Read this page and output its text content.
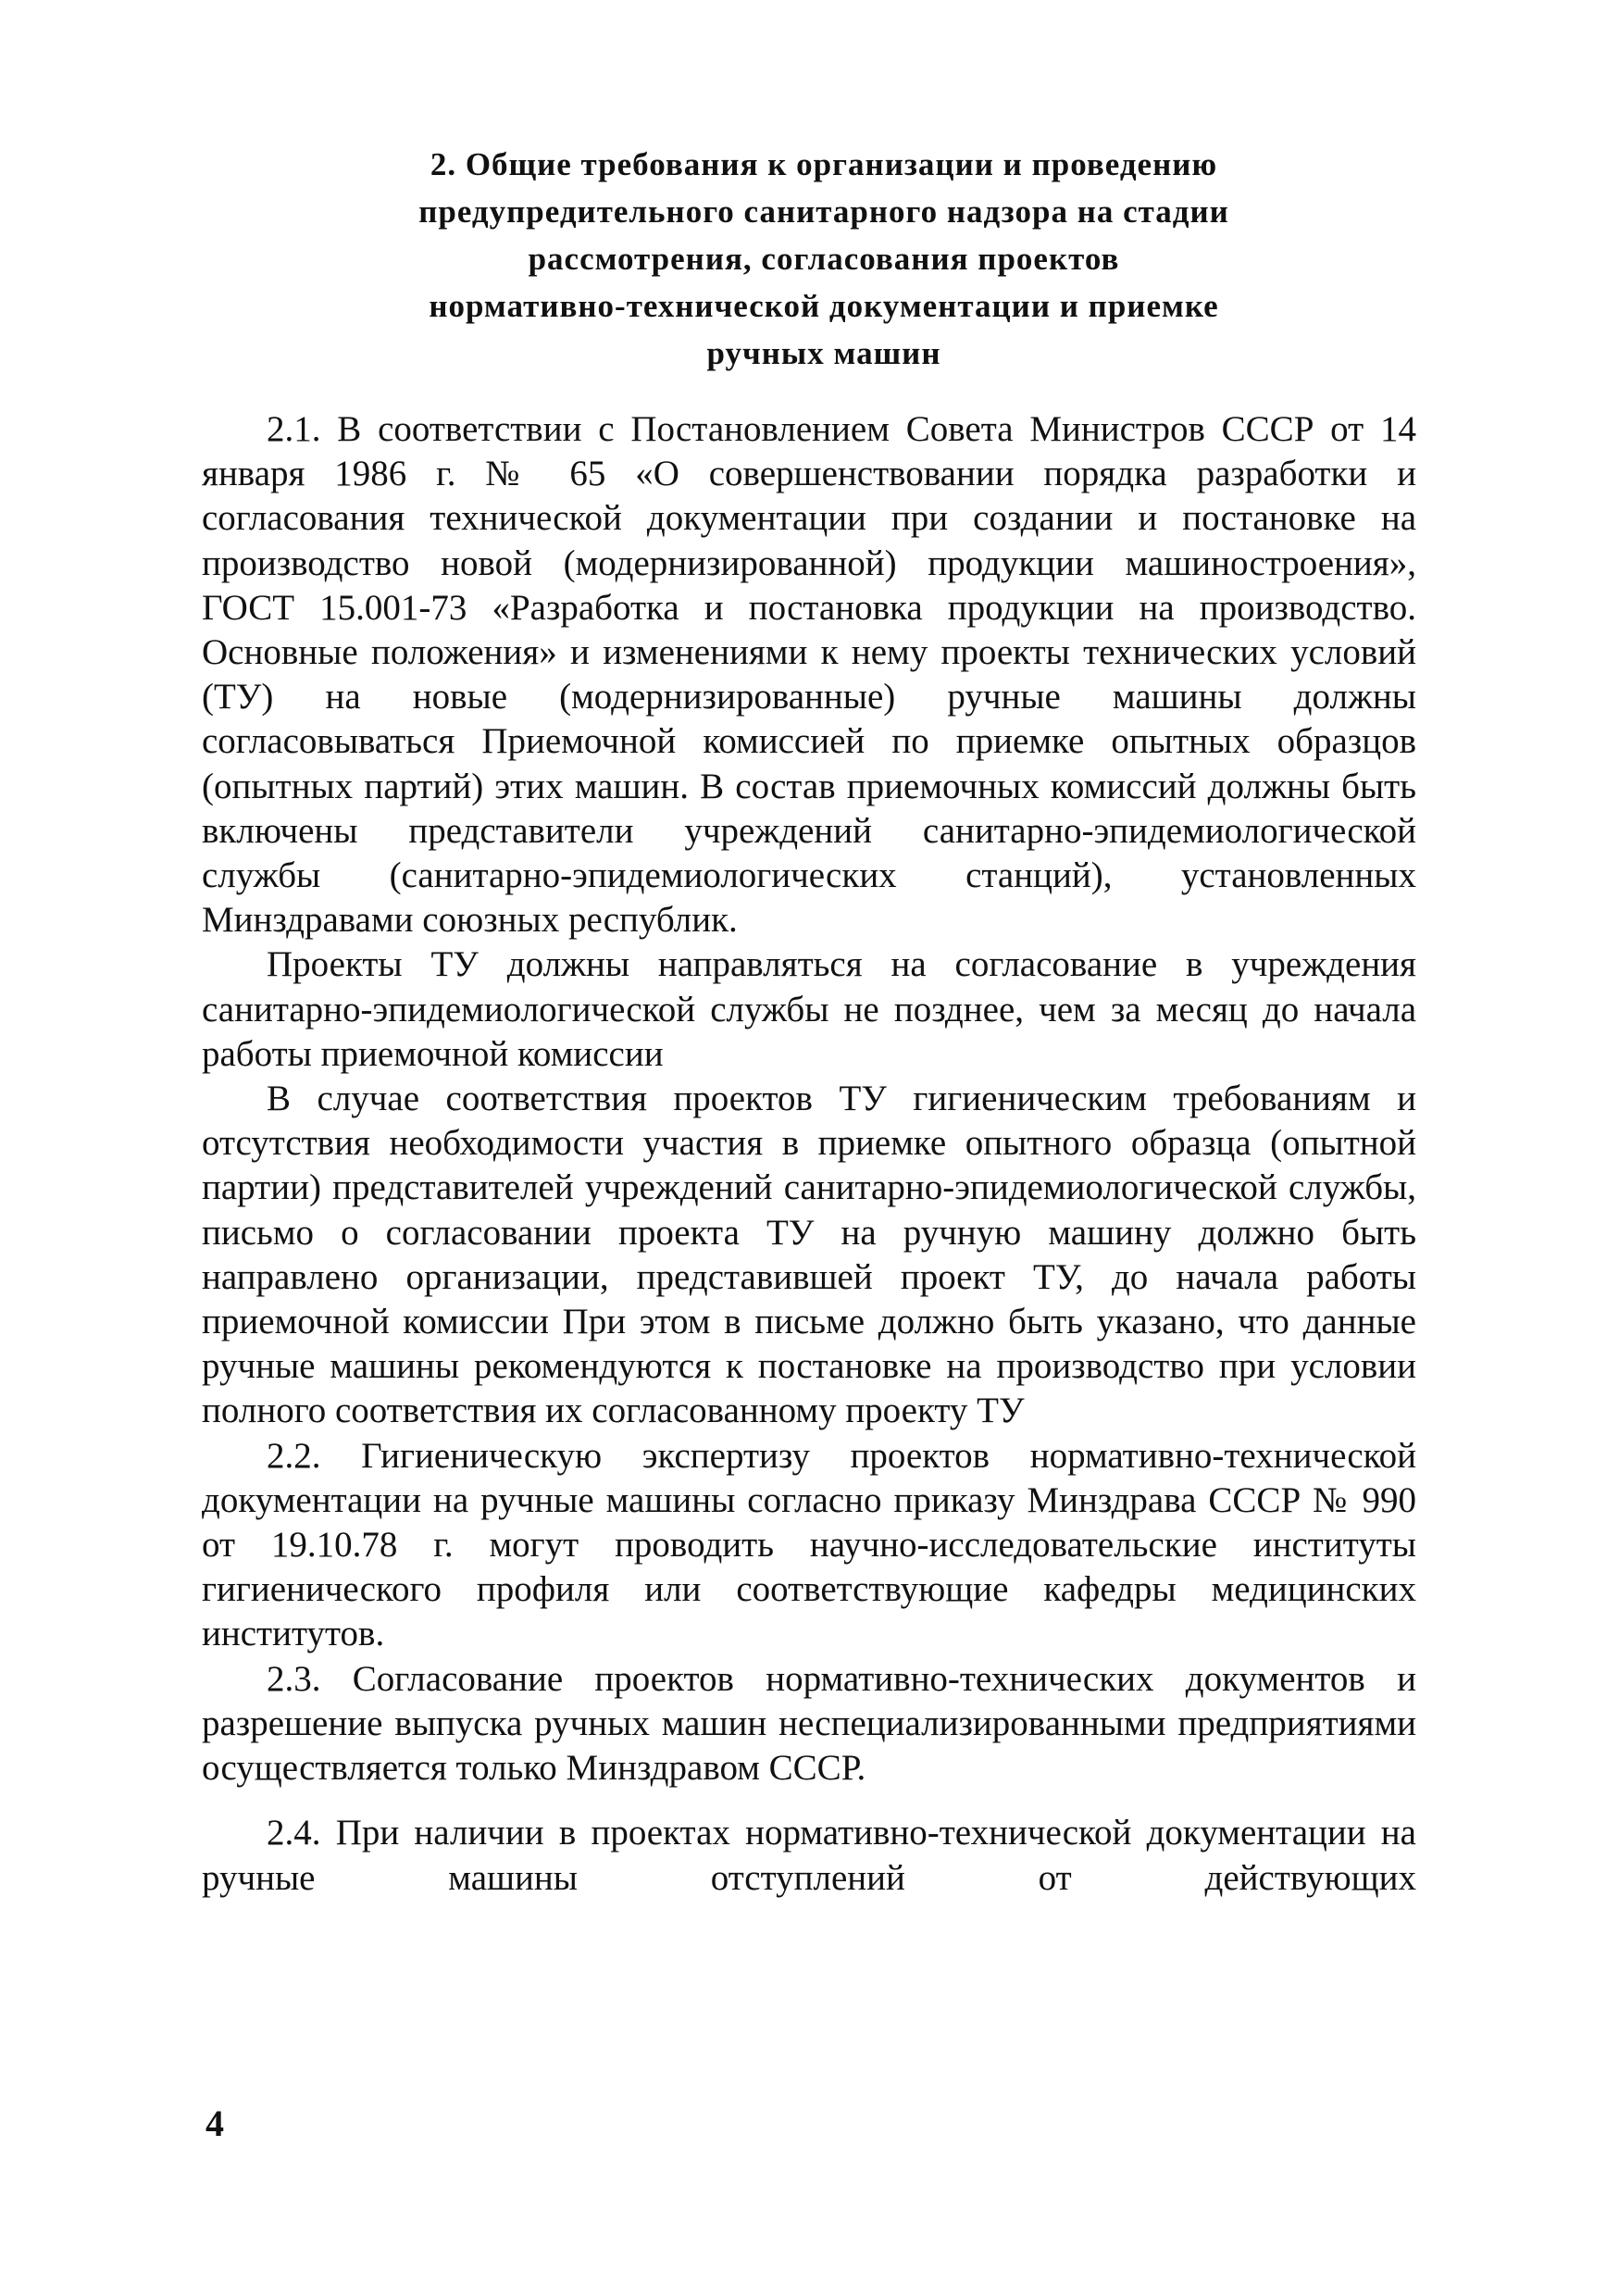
2. Общие требования к организации и проведению
предупредительного санитарного надзора на стадии
рассмотрения, согласования проектов
нормативно-технической документации и приемке
ручных машин

2.1. В соответствии с Постановлением Совета Министров СССР от 14 января 1986 г. № 65 «О совершенствовании порядка разработки и согласования технической документации при создании и постановке на производство новой (модернизированной) продукции машиностроения», ГОСТ 15.001-73 «Разработка и постановка продукции на производство. Основные положения» и изменениями к нему проекты технических условий (ТУ) на новые (модернизированные) ручные машины должны согласовываться Приемочной комиссией по приемке опытных образцов (опытных партий) этих машин. В состав приемочных комиссий должны быть включены представители учреждений санитарно-эпидемиологической службы (санитарно-эпидемиологических станций), установленных Минздравами союзных республик.

Проекты ТУ должны направляться на согласование в учреждения санитарно-эпидемиологической службы не позднее, чем за месяц до начала работы приемочной комиссии

В случае соответствия проектов ТУ гигиеническим требованиям и отсутствия необходимости участия в приемке опытного образца (опытной партии) представителей учреждений санитарно-эпидемиологической службы, письмо о согласовании проекта ТУ на ручную машину должно быть направлено организации, представившей проект ТУ, до начала работы приемочной комиссии При этом в письме должно быть указано, что данные ручные машины рекомендуются к постановке на производство при условии полного соответствия их согласованному проекту ТУ

2.2. Гигиеническую экспертизу проектов нормативно-технической документации на ручные машины согласно приказу Минздрава СССР № 990 от 19.10.78 г. могут проводить научно-исследовательские институты гигиенического профиля или соответствующие кафедры медицинских институтов.

2.3. Согласование проектов нормативно-технических документов и разрешение выпуска ручных машин неспециализированными предприятиями осуществляется только Минздравом СССР.

2.4. При наличии в проектах нормативно-технической документации на ручные машины отступлений от действующих

4
